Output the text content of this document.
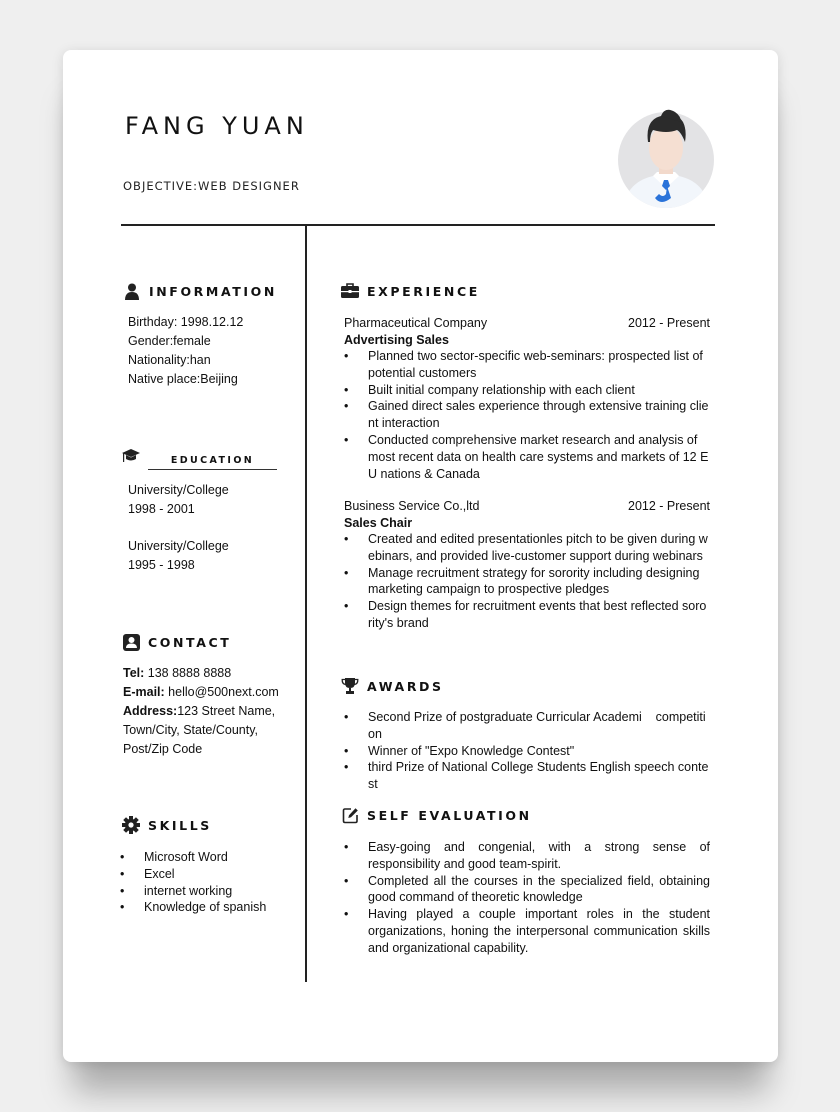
FANG YUAN
OBJECTIVE:WEB DESIGNER
INFORMATION
Birthday: 1998.12.12
Gender:female
Nationality:han
Native place:Beijing
EDUCATION
University/College
1998 - 2001
University/College
1995 - 1998
CONTACT
Tel: 138 8888 8888
E-mail: hello@500next.com
Address:123 Street Name,
Town/City, State/County,
Post/Zip Code
SKILLS
• Microsoft Word
• Excel
• internet working
• Knowledge of spanish
EXPERIENCE
Pharmaceutical Company	2012 - Present
Advertising Sales
• Planned two sector-specific web-seminars: prospected list of potential customers
• Built initial company relationship with each client
• Gained direct sales experience through extensive training client interaction
• Conducted comprehensive market research and analysis of most recent data on health care systems and markets of 12 EU nations & Canada
Business Service Co.,ltd	2012 - Present
Sales Chair
• Created and edited presentationles pitch to be given during webinars, and provided live-customer support during webinars
• Manage recruitment strategy for sorority including designing marketing campaign to prospective pledges
• Design themes for recruitment events that best reflected sorority's brand
AWARDS
• Second Prize of postgraduate Curricular Academi    competition
• Winner of "Expo Knowledge Contest"
• third Prize of National College Students English speech contest
SELF EVALUATION
• Easy-going and congenial, with a strong sense of responsibility and good team-spirit.
• Completed all the courses in the specialized field, obtaining good command of theoretic knowledge
• Having played a couple important roles in the student organizations, honing the interpersonal communication skills and organizational capability.
